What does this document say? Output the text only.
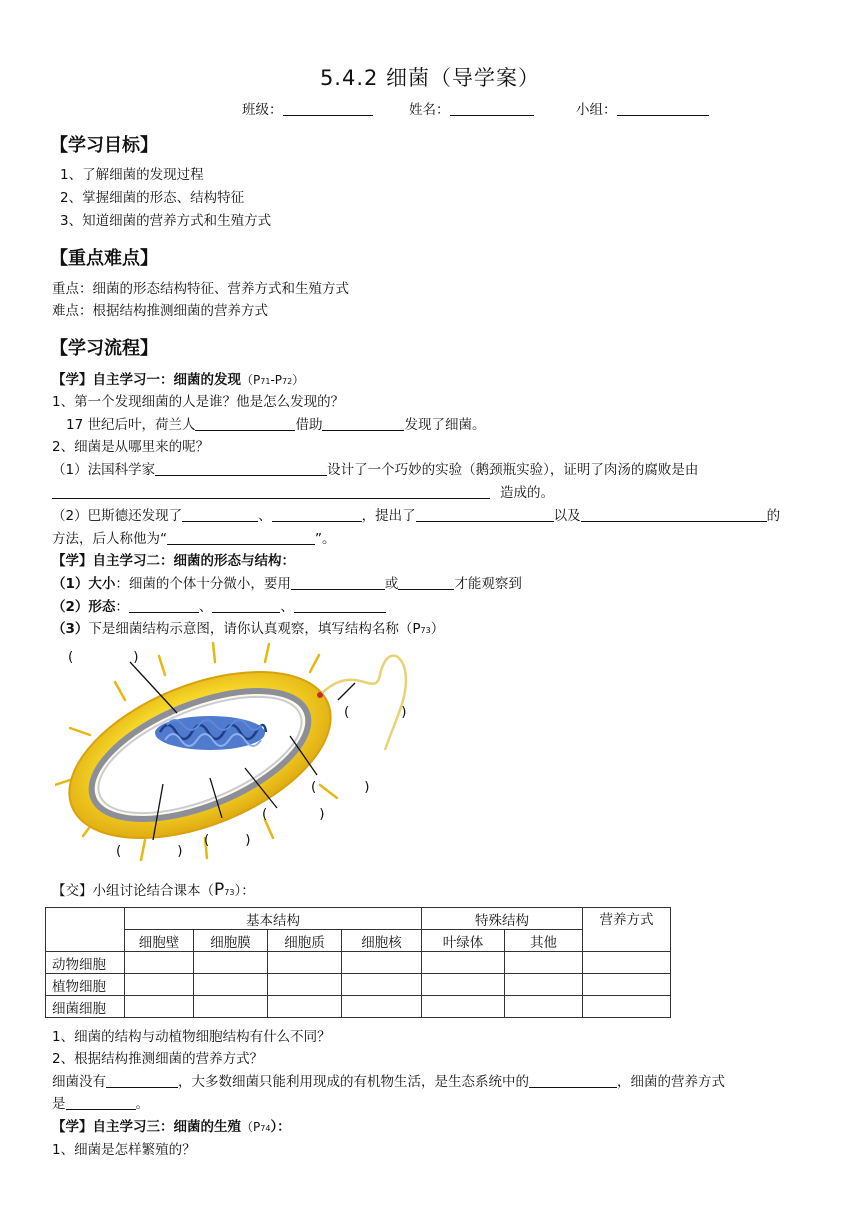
5.4.2 细菌（导学案）
班级：	姓名：	小组：
【学习目标】
1、了解细菌的发现过程
2、掌握细菌的形态、结构特征
3、知道细菌的营养方式和生殖方式
【重点难点】
重点：细菌的形态结构特征、营养方式和生殖方式
难点：根据结构推测细菌的营养方式
【学习流程】
【学】自主学习一：细菌的发现（P71-P72）
1、第一个发现细菌的人是谁？他是怎么发现的？
17 世纪后叶，荷兰人	借助	发现了细菌。
2、细菌是从哪里来的呢？
（1）法国科学家	设计了一个巧妙的实验（鹅颈瓶实验），证明了肉汤的腐败是由
造成的。
（2）巴斯德还发现了	、	，提出了	以及	的
方法，后人称他为“	”。
【学】自主学习二：细菌的形态与结构：
（1）大小：细菌的个体十分微小，要用	或	才能观察到
（2）形态：	、	、
（3）下是细菌结构示意图，请你认真观察，填写结构名称（P73）
(	)
(	)
(	)
(	)
(	)
(	)
【交】小组讨论结合课本（P73）：
	基本结构				特殊结构		营养方式
	细胞壁	细胞膜	细胞质	细胞核	叶绿体	其他	
动物细胞							
植物细胞							
细菌细胞							
1、细菌的结构与动植物细胞结构有什么不同？
2、根据结构推测细菌的营养方式？
细菌没有	，大多数细菌只能利用现成的有机物生活，是生态系统中的	，细菌的营养方式
是	。
【学】自主学习三：细菌的生殖（P74）：
1、细菌是怎样繁殖的？
